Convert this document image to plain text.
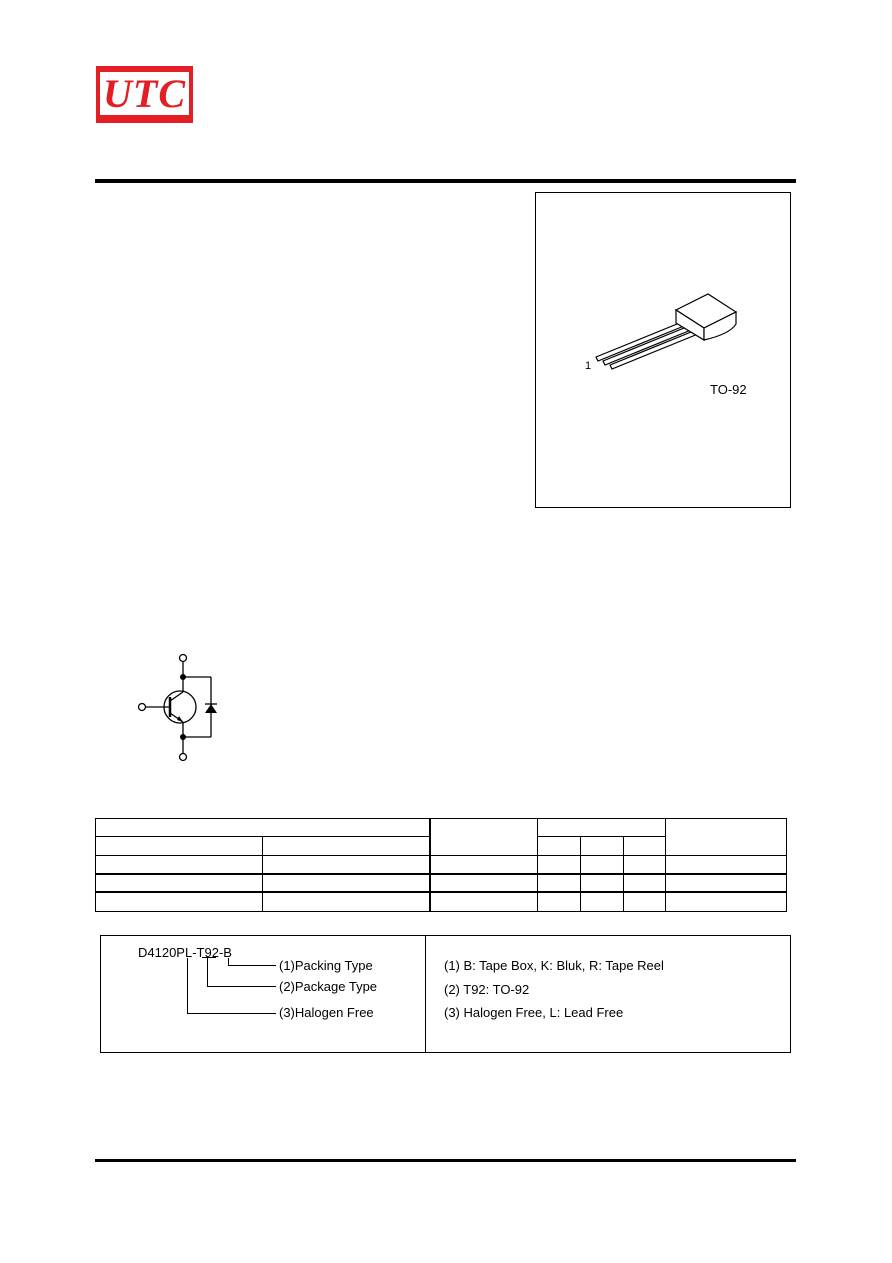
UTC
1
TO-92
D4120PL-T92-B
(1)Packing Type
(2)Package Type
(3)Halogen Free
(1) B: Tape Box, K: Bluk, R: Tape Reel
(2) T92: TO-92
(3) Halogen Free, L: Lead Free
